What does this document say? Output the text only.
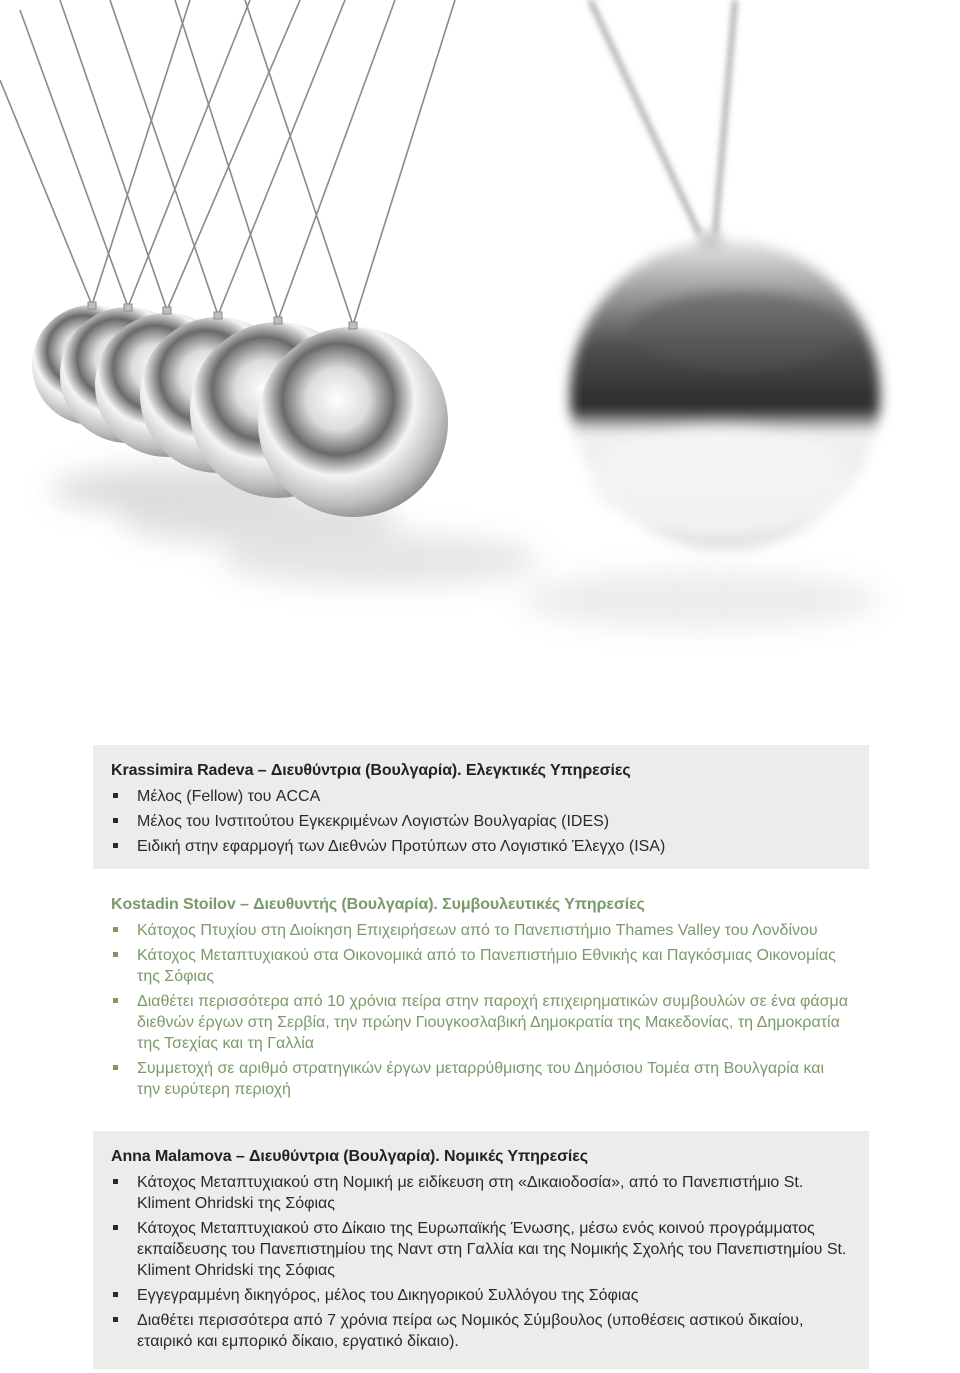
Krassimira Radeva – Διευθύντρια (Βουλγαρία). Ελεγκτικές Υπηρεσίες
Μέλος (Fellow) του ACCA
Μέλος του Ινστιτούτου Εγκεκριμένων Λογιστών Βουλγαρίας (IDES)
Ειδική στην εφαρμογή των Διεθνών Προτύπων στο Λογιστικό Έλεγχο (ISA)
Kostadin Stoilov – Διευθυντής (Βουλγαρία). Συμβουλευτικές Υπηρεσίες
Κάτοχος Πτυχίου στη Διοίκηση Επιχειρήσεων από το Πανεπιστήμιο Thames Valley του Λονδίνου
Κάτοχος Μεταπτυχιακού στα Οικονομικά από το Πανεπιστήμιο Εθνικής και Παγκόσμιας Οικονομίας της Σόφιας
Διαθέτει περισσότερα από 10 χρόνια πείρα στην παροχή επιχειρηματικών συμβουλών σε ένα φάσμα διεθνών έργων στη Σερβία, την πρώην Γιουγκοσλαβική Δημοκρατία της Μακεδονίας, τη Δημοκρατία της Τσεχίας και τη Γαλλία
Συμμετοχή σε αριθμό στρατηγικών έργων μεταρρύθμισης του Δημόσιου Τομέα στη Βουλγαρία και την ευρύτερη περιοχή
Anna Malamova – Διευθύντρια (Βουλγαρία). Νομικές Υπηρεσίες
Κάτοχος Μεταπτυχιακού στη Νομική με ειδίκευση στη «Δικαιοδοσία», από το Πανεπιστήμιο St. Kliment Ohridski της Σόφιας
Κάτοχος Μεταπτυχιακού στο Δίκαιο της Ευρωπαϊκής Ένωσης, μέσω ενός κοινού προγράμματος εκπαίδευσης του Πανεπιστημίου της Ναντ στη Γαλλία και της Νομικής Σχολής του Πανεπιστημίου St. Kliment Ohridski της Σόφιας
Εγγεγραμμένη δικηγόρος, μέλος του Δικηγορικού Συλλόγου της Σόφιας
Διαθέτει περισσότερα από 7 χρόνια πείρα ως Νομικός Σύμβουλος (υποθέσεις αστικού δικαίου, εταιρικό και εμπορικό δίκαιο, εργατικό δίκαιο).
